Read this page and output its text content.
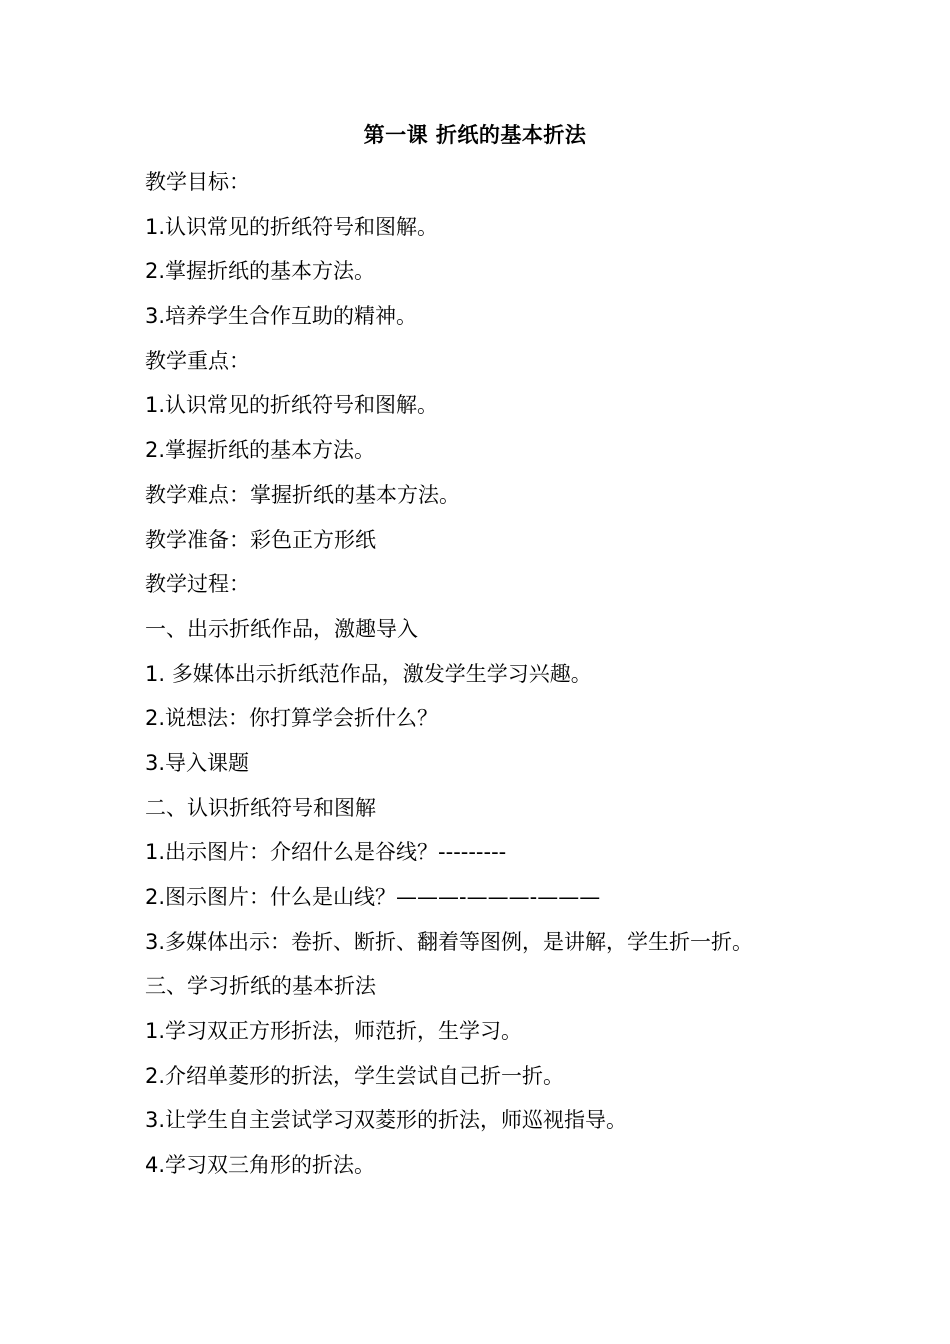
第一课 折纸的基本折法
教学目标：
1.认识常见的折纸符号和图解。
2.掌握折纸的基本方法。
3.培养学生合作互助的精神。
教学重点：
1.认识常见的折纸符号和图解。
2.掌握折纸的基本方法。
教学难点：掌握折纸的基本方法。
教学准备：彩色正方形纸
教学过程：
一、出示折纸作品，激趣导入
1. 多媒体出示折纸范作品，激发学生学习兴趣。
2.说想法：你打算学会折什么？
3.导入课题
二、认识折纸符号和图解
1.出示图片：介绍什么是谷线？---------
2.图示图片：什么是山线？———-———-———
3.多媒体出示：卷折、断折、翻着等图例，是讲解，学生折一折。
三、学习折纸的基本折法
1.学习双正方形折法，师范折，生学习。
2.介绍单菱形的折法，学生尝试自己折一折。
3.让学生自主尝试学习双菱形的折法，师巡视指导。
4.学习双三角形的折法。
